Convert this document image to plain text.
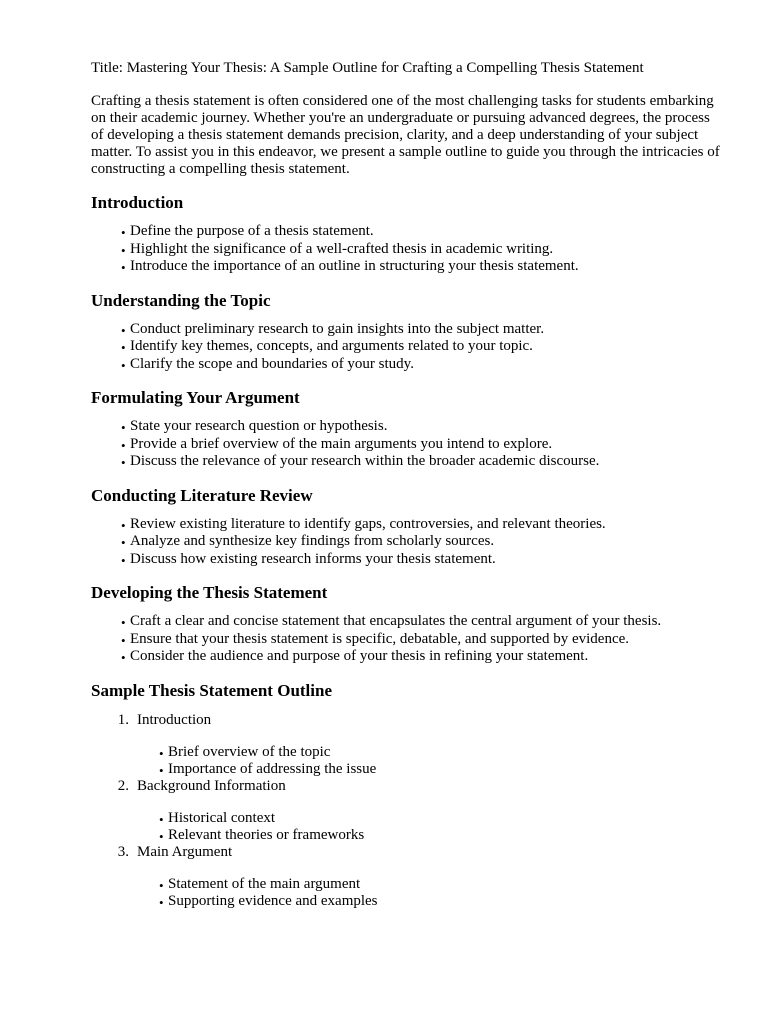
Title: Mastering Your Thesis: A Sample Outline for Crafting a Compelling Thesis Statement

Crafting a thesis statement is often considered one of the most challenging tasks for students embarking on their academic journey. Whether you're an undergraduate or pursuing advanced degrees, the process of developing a thesis statement demands precision, clarity, and a deep understanding of your subject matter. To assist you in this endeavor, we present a sample outline to guide you through the intricacies of constructing a compelling thesis statement.

Introduction
• Define the purpose of a thesis statement.
• Highlight the significance of a well-crafted thesis in academic writing.
• Introduce the importance of an outline in structuring your thesis statement.
Understanding the Topic
• Conduct preliminary research to gain insights into the subject matter.
• Identify key themes, concepts, and arguments related to your topic.
• Clarify the scope and boundaries of your study.
Formulating Your Argument
• State your research question or hypothesis.
• Provide a brief overview of the main arguments you intend to explore.
• Discuss the relevance of your research within the broader academic discourse.
Conducting Literature Review
• Review existing literature to identify gaps, controversies, and relevant theories.
• Analyze and synthesize key findings from scholarly sources.
• Discuss how existing research informs your thesis statement.
Developing the Thesis Statement
• Craft a clear and concise statement that encapsulates the central argument of your thesis.
• Ensure that your thesis statement is specific, debatable, and supported by evidence.
• Consider the audience and purpose of your thesis in refining your statement.
Sample Thesis Statement Outline
1. Introduction
• Brief overview of the topic
• Importance of addressing the issue
2. Background Information
• Historical context
• Relevant theories or frameworks
3. Main Argument
• Statement of the main argument
• Supporting evidence and examples
